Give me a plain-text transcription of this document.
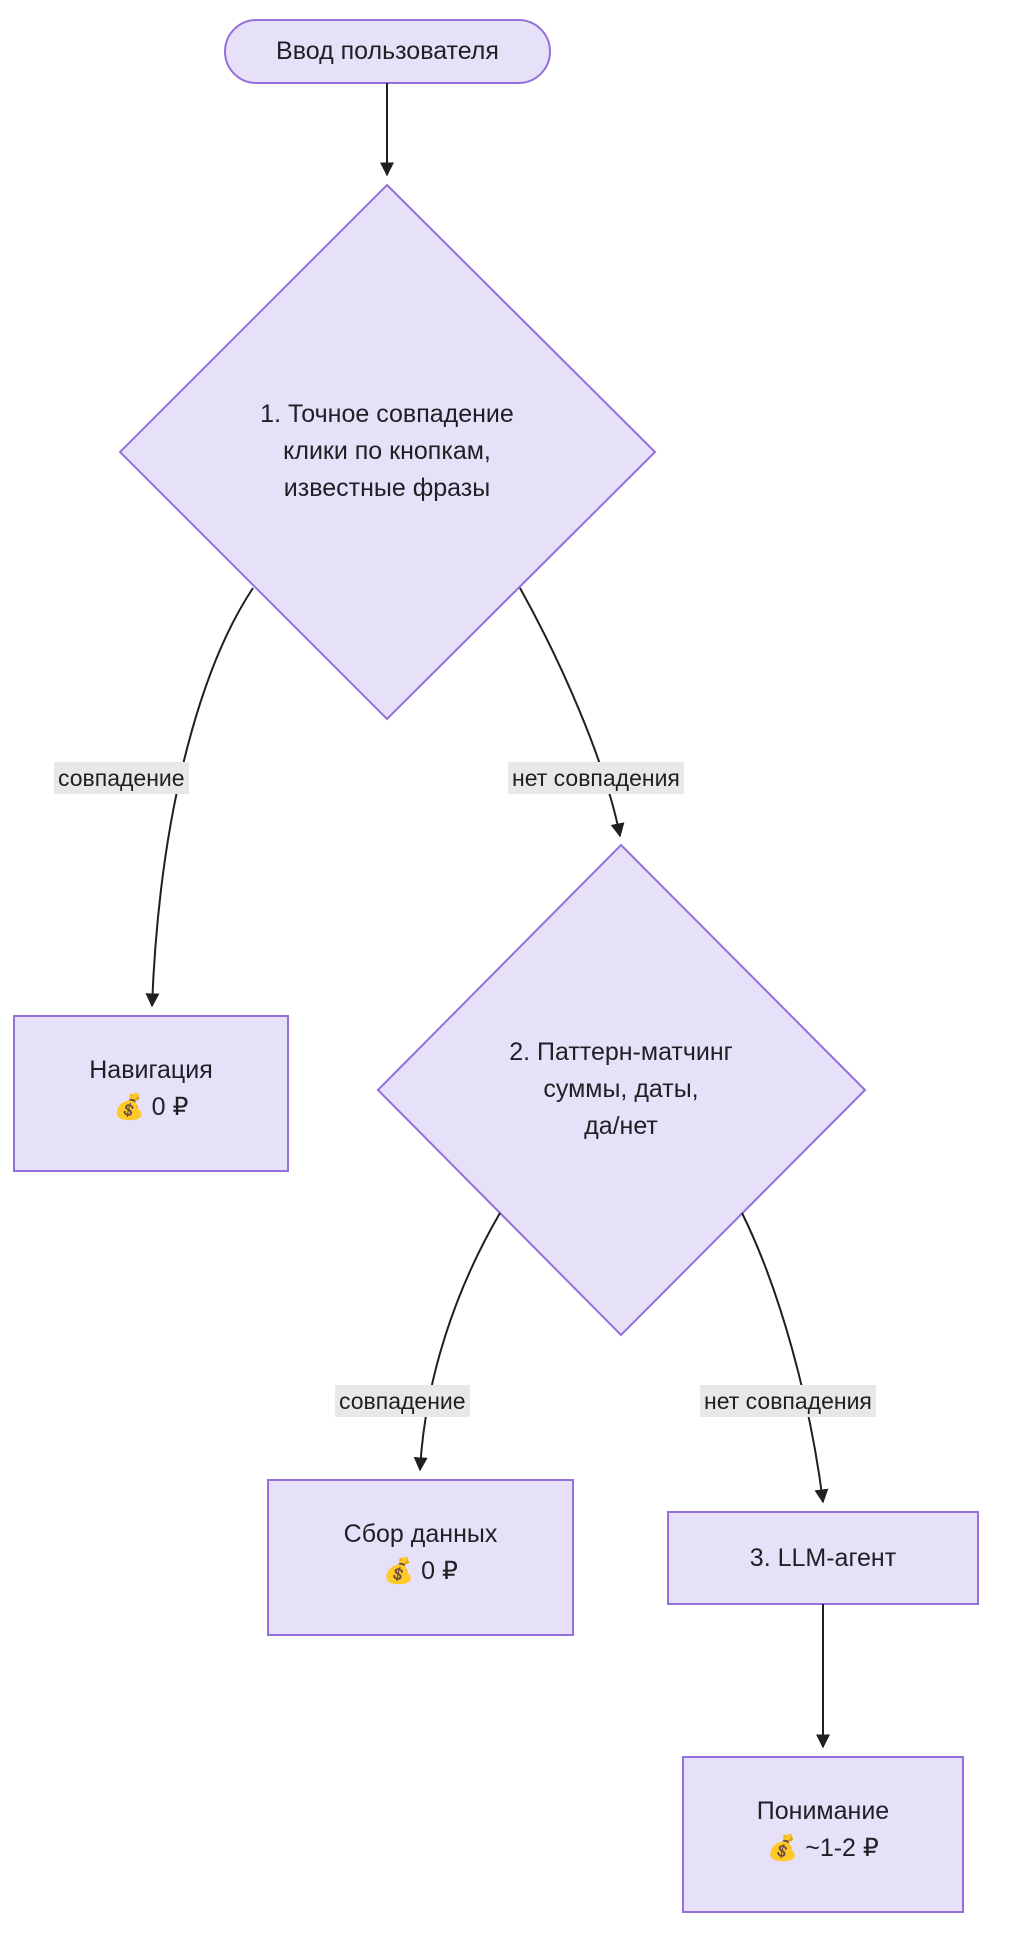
Ввод пользователя
1. Точное совпадение
клики по кнопкам,
известные фразы
Навигация
💰 0 ₽
2. Паттерн-матчинг
суммы, даты,
да/нет
Сбор данных
💰 0 ₽	3. LLM-агент
Понимание
💰 ~1-2 ₽
совпадение	нет совпадения
совпадение	нет совпадения
